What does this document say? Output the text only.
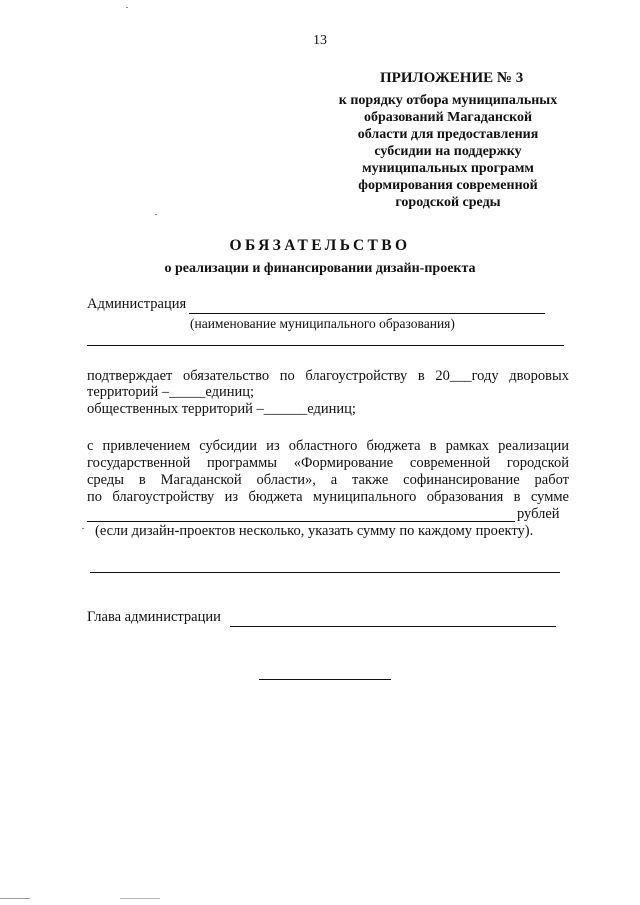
13
ПРИЛОЖЕНИЕ № 3
к порядку отбора муниципальных
образований Магаданской
области для предоставления
субсидии на поддержку
муниципальных программ
формирования современной
городской среды
ОБЯЗАТЕЛЬСТВО
о реализации и финансировании дизайн-проекта
Администрация
(наименование муниципального образования)
подтверждает обязательство по благоустройству в 20___году дворовых
территорий –_____единиц;
общественных территорий –______единиц;
с привлечением субсидии из областного бюджета в рамках реализации
государственной программы «Формирование современной городской
среды в Магаданской области», а также софинансирование работ
по благоустройству из бюджета муниципального образования в сумме
рублей
(если дизайн-проектов несколько, указать сумму по каждому проекту).
Глава администрации
